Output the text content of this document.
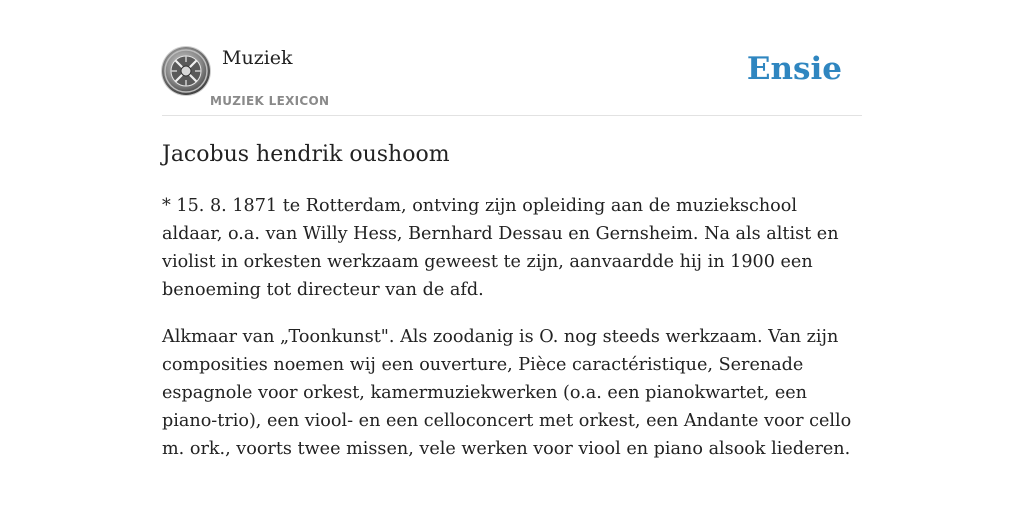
Muziek
MUZIEK LEXICON
Ensie
Jacobus hendrik oushoom

* 15. 8. 1871 te Rotterdam, ontving zijn opleiding aan de muziekschool aldaar, o.a. van Willy Hess, Bernhard Dessau en Gernsheim. Na als altist en violist in orkesten werkzaam geweest te zijn, aanvaardde hij in 1900 een benoeming tot directeur van de afd.

Alkmaar van „Toonkunst". Als zoodanig is O. nog steeds werkzaam. Van zijn composities noemen wij een ouverture, Pièce caractéristique, Serenade espagnole voor orkest, kamermuziekwerken (o.a. een pianokwartet, een piano-trio), een viool- en een celloconcert met orkest, een Andante voor cello m. ork., voorts twee missen, vele werken voor viool en piano alsook liederen.
